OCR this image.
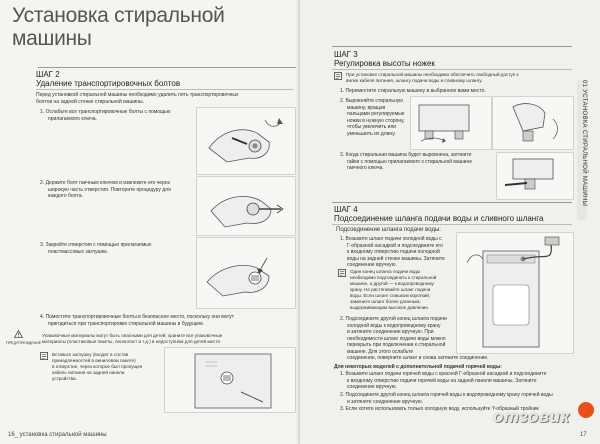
Установка стиральной
машины
ШАГ 2
Удаление транспортировочных болтов
Перед установкой стиральной машины необходимо удалить пять транспортировочных
болтов на задней стенке стиральной машины.
1. Ослабьте все транспортировочные болты с помощью
прилагаемого ключа.
2. Держите болт гаечным ключом и извлеките его через
широкую часть отверстия. Повторите процедуру для
каждого болта.
3. Закройте отверстия с помощью прилагаемых
пластмассовых заглушек.
4. Поместите транспортировочные болты в безопасное место, поскольку они могут
пригодиться при транспортировке стиральной машины в будущем.
ПРЕДУПРЕЖДЕНИЕ
Упаковочные материалы могут быть опасными для детей; храните все упаковочные
материалы (пластиковые пакеты, пенопласт и т.д.) в недоступном для детей месте.
Вставьте заглушку (входит в состав
принадлежностей в виниловом пакете)
в отверстие, через которое был пропущен
кабель питания на задней панели
устройства.
16_ установка стиральной машины
ШАГ 3
Регулировка высоты ножек
При установке стиральной машины необходимо обеспечить свободный доступ к
вилке кабеля питания, шлангу подачи воды и сливному шлангу.
1. Переместите стиральную машину в выбранное вами место.
2. Выровняйте стиральную
машину, вращая
пальцами регулируемые
ножки в нужную сторону,
чтобы увеличить или
уменьшить их длину.
3. Когда стиральная машина будет выровнена, затяните
гайки с помощью прилагаемого к стиральной машине
гаечного ключа.
ШАГ 4
Подсоединение шланга подачи воды и сливного шланга
Подсоединение шланга подачи воды:
1. Возьмите шланг подачи холодной воды с
Г-образной насадкой и подсоедините его
к входному отверстию подачи холодной
воды на задней стенке машины. Затяните
соединение вручную.
Один конец шланга подачи воды
необходимо подсоединить к стиральной
машине, а другой — к водопроводному
крану. Не растягивайте шланг подачи
воды. Если шланг слишком короткий,
замените шланг более длинным,
выдерживающим высокое давление.
2. Подсоедините другой конец шланга подачи
холодной воды к водопроводному крану
и затяните соединение вручную. При
необходимости шланг подачи воды можно
перекрыть при подключении к стиральной
машине. Для этого ослабьте
соединение, поверните шланг и снова затяните соединение.
Для некоторых моделей с дополнительной подачей горячей воды:
1. Возьмите шланг подачи горячей воды с красной Г-образной насадкой и подсоедините
к входному отверстию подачи горячей воды на задней панели машины. Затяните
соединение вручную.
2. Подсоедините другой конец шланга горячей воды к водопроводному крану горячей воды
и затяните соединение вручную.
3. Если хотите использовать только холодную воду, используйте Y-образный тройник
17
01 УСТАНОВКА СТИРАЛЬНОЙ МАШИНЫ
отзовик
